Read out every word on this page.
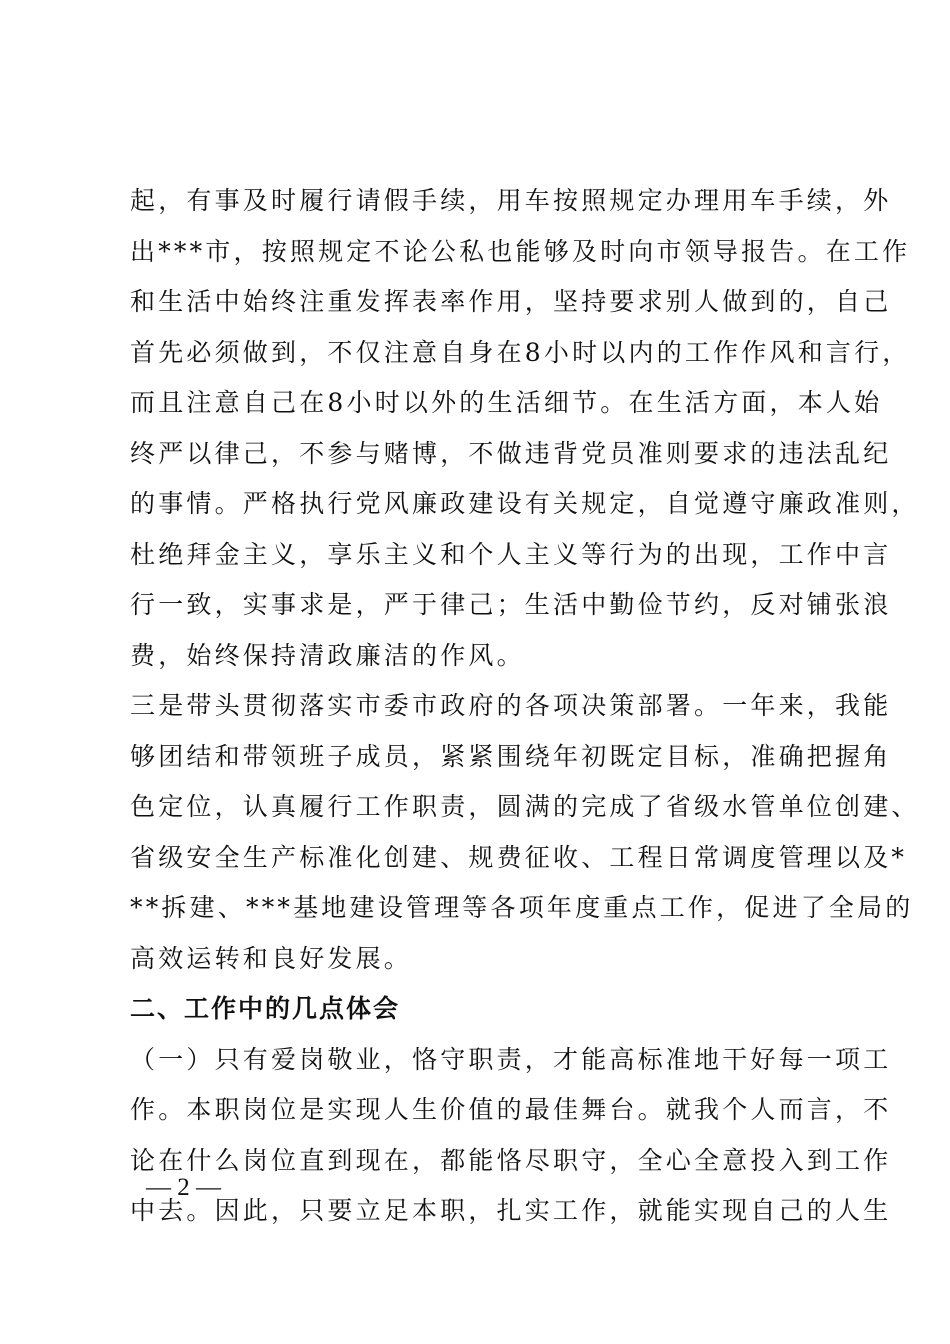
起，有事及时履行请假手续，用车按照规定办理用车手续，外
出***市，按照规定不论公私也能够及时向市领导报告。在工作
和生活中始终注重发挥表率作用，坚持要求别人做到的，自己
首先必须做到，不仅注意自身在8小时以内的工作作风和言行，
而且注意自己在8小时以外的生活细节。在生活方面，本人始
终严以律己，不参与赌博，不做违背党员准则要求的违法乱纪
的事情。严格执行党风廉政建设有关规定，自觉遵守廉政准则，
杜绝拜金主义，享乐主义和个人主义等行为的出现，工作中言
行一致，实事求是，严于律己；生活中勤俭节约，反对铺张浪
费，始终保持清政廉洁的作风。
三是带头贯彻落实市委市政府的各项决策部署。一年来，我能
够团结和带领班子成员，紧紧围绕年初既定目标，准确把握角
色定位，认真履行工作职责，圆满的完成了省级水管单位创建、
省级安全生产标准化创建、规费征收、工程日常调度管理以及*
**拆建、***基地建设管理等各项年度重点工作，促进了全局的
高效运转和良好发展。
二、工作中的几点体会
（一）只有爱岗敬业，恪守职责，才能高标准地干好每一项工
作。本职岗位是实现人生价值的最佳舞台。就我个人而言，不
论在什么岗位直到现在，都能恪尽职守，全心全意投入到工作
中去。因此，只要立足本职，扎实工作，就能实现自己的人生
— 2 —
